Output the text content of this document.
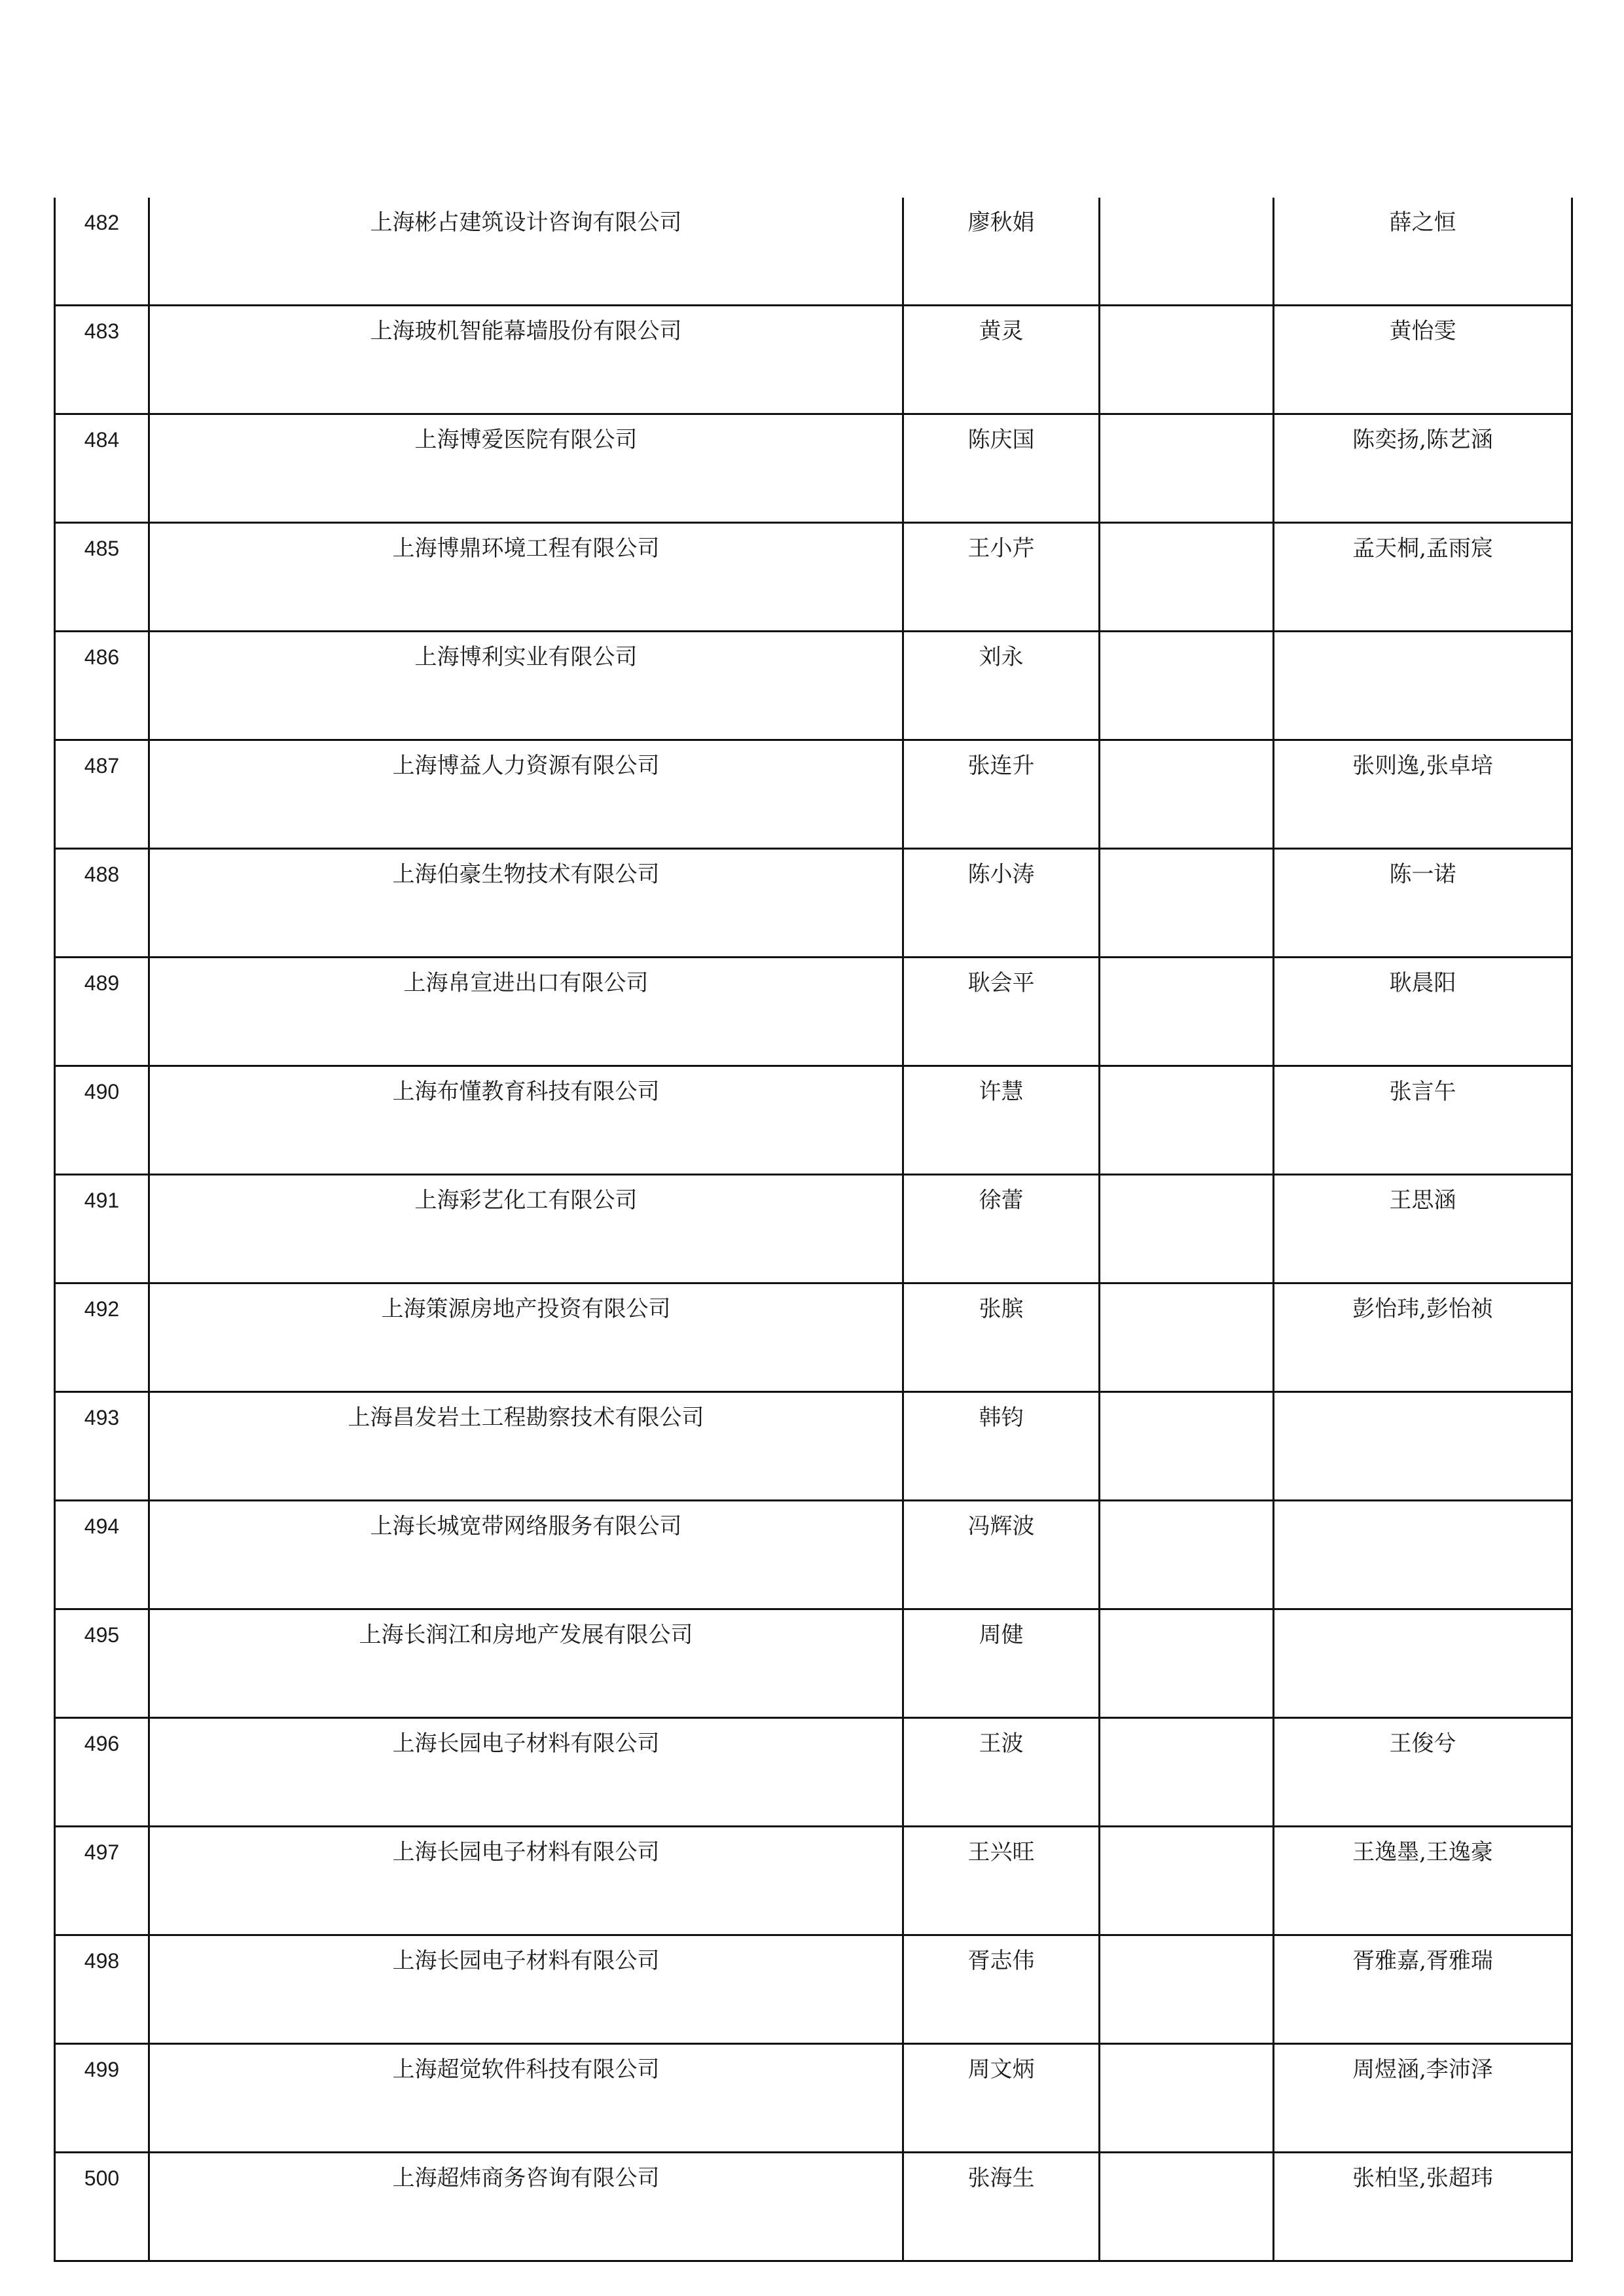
482	上海彬占建筑设计咨询有限公司	廖秋娟		薛之恒
483	上海玻机智能幕墙股份有限公司	黄灵		黄怡雯
484	上海博爱医院有限公司	陈庆国		陈奕扬,陈艺涵
485	上海博鼎环境工程有限公司	王小芹		孟天桐,孟雨宸
486	上海博利实业有限公司	刘永		
487	上海博益人力资源有限公司	张连升		张则逸,张卓培
488	上海伯豪生物技术有限公司	陈小涛		陈一诺
489	上海帛宣进出口有限公司	耿会平		耿晨阳
490	上海布懂教育科技有限公司	许慧		张言午
491	上海彩艺化工有限公司	徐蕾		王思涵
492	上海策源房地产投资有限公司	张膑		彭怡玮,彭怡祯
493	上海昌发岩土工程勘察技术有限公司	韩钧		
494	上海长城宽带网络服务有限公司	冯辉波		
495	上海长润江和房地产发展有限公司	周健		
496	上海长园电子材料有限公司	王波		王俊兮
497	上海长园电子材料有限公司	王兴旺		王逸墨,王逸豪
498	上海长园电子材料有限公司	胥志伟		胥雅嘉,胥雅瑞
499	上海超觉软件科技有限公司	周文炳		周煜涵,李沛泽
500	上海超炜商务咨询有限公司	张海生		张柏坚,张超玮
